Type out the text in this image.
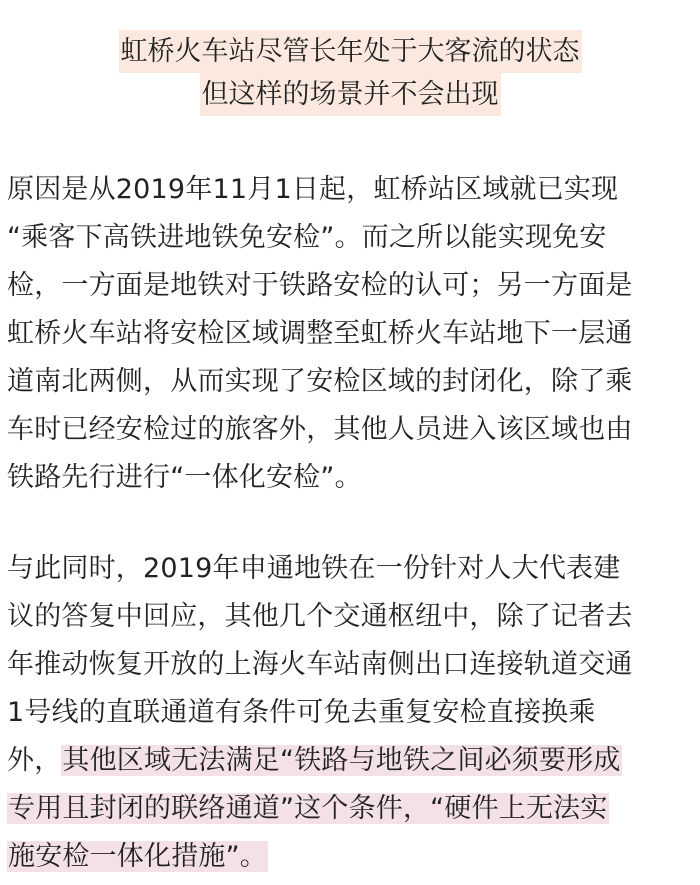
虹桥火车站尽管长年处于大客流的状态
但这样的场景并不会出现
原因是从2019年11月1日起，虹桥站区域就已实现
“乘客下高铁进地铁免安检”。而之所以能实现免安
检，一方面是地铁对于铁路安检的认可；另一方面是
虹桥火车站将安检区域调整至虹桥火车站地下一层通
道南北两侧，从而实现了安检区域的封闭化，除了乘
车时已经安检过的旅客外，其他人员进入该区域也由
铁路先行进行“一体化安检”。
与此同时，2019年申通地铁在一份针对人大代表建
议的答复中回应，其他几个交通枢纽中，除了记者去
年推动恢复开放的上海火车站南侧出口连接轨道交通
1号线的直联通道有条件可免去重复安检直接换乘
外，其他区域无法满足“铁路与地铁之间必须要形成
专用且封闭的联络通道”这个条件，“硬件上无法实
施安检一体化措施”。
